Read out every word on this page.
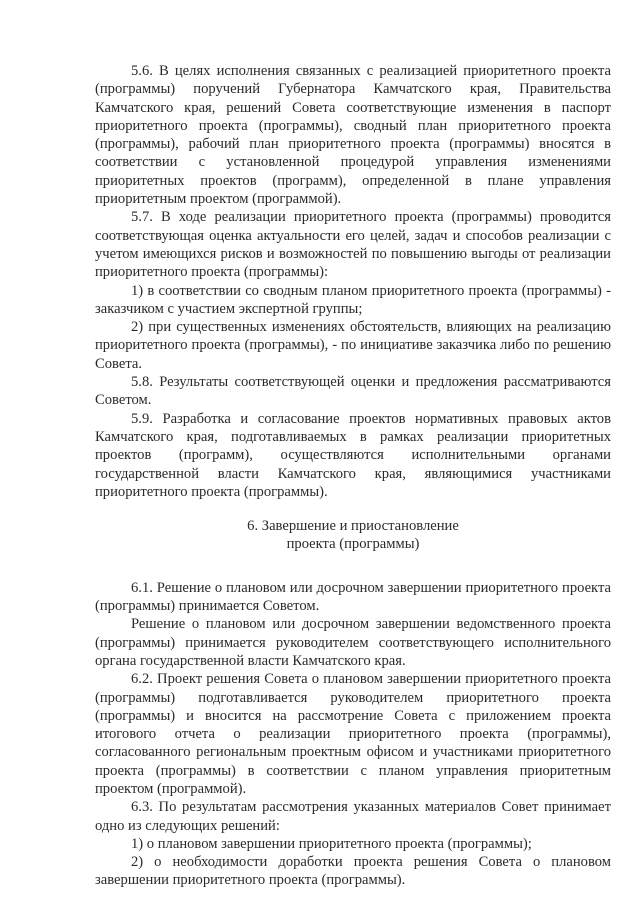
5.6. В целях исполнения связанных с реализацией приоритетного проекта (программы) поручений Губернатора Камчатского края, Правительства Камчатского края, решений Совета соответствующие изменения в паспорт приоритетного проекта (программы), сводный план приоритетного проекта (программы), рабочий план приоритетного проекта (программы) вносятся в соответствии с установленной процедурой управления изменениями приоритетных проектов (программ), определенной в плане управления приоритетным проектом (программой).

5.7. В ходе реализации приоритетного проекта (программы) проводится соответствующая оценка актуальности его целей, задач и способов реализации с учетом имеющихся рисков и возможностей по повышению выгоды от реализации приоритетного проекта (программы):

1) в соответствии со сводным планом приоритетного проекта (программы) - заказчиком с участием экспертной группы;

2) при существенных изменениях обстоятельств, влияющих на реализацию приоритетного проекта (программы), - по инициативе заказчика либо по решению Совета.

5.8. Результаты соответствующей оценки и предложения рассматриваются Советом.

5.9. Разработка и согласование проектов нормативных правовых актов Камчатского края, подготавливаемых в рамках реализации приоритетных проектов (программ), осуществляются исполнительными органами государственной власти Камчатского края, являющимися участниками приоритетного проекта (программы).

6. Завершение и приостановление

проекта (программы)

6.1. Решение о плановом или досрочном завершении приоритетного проекта (программы) принимается Советом.

Решение о плановом или досрочном завершении ведомственного проекта (программы) принимается руководителем соответствующего исполнительного органа государственной власти Камчатского края.

6.2. Проект решения Совета о плановом завершении приоритетного проекта (программы) подготавливается руководителем приоритетного проекта (программы) и вносится на рассмотрение Совета с приложением проекта итогового отчета о реализации приоритетного проекта (программы), согласованного региональным проектным офисом и участниками приоритетного проекта (программы) в соответствии с планом управления приоритетным проектом (программой).

6.3. По результатам рассмотрения указанных материалов Совет принимает одно из следующих решений:

1) о плановом завершении приоритетного проекта (программы);

2) о необходимости доработки проекта решения Совета о плановом завершении приоритетного проекта (программы).
